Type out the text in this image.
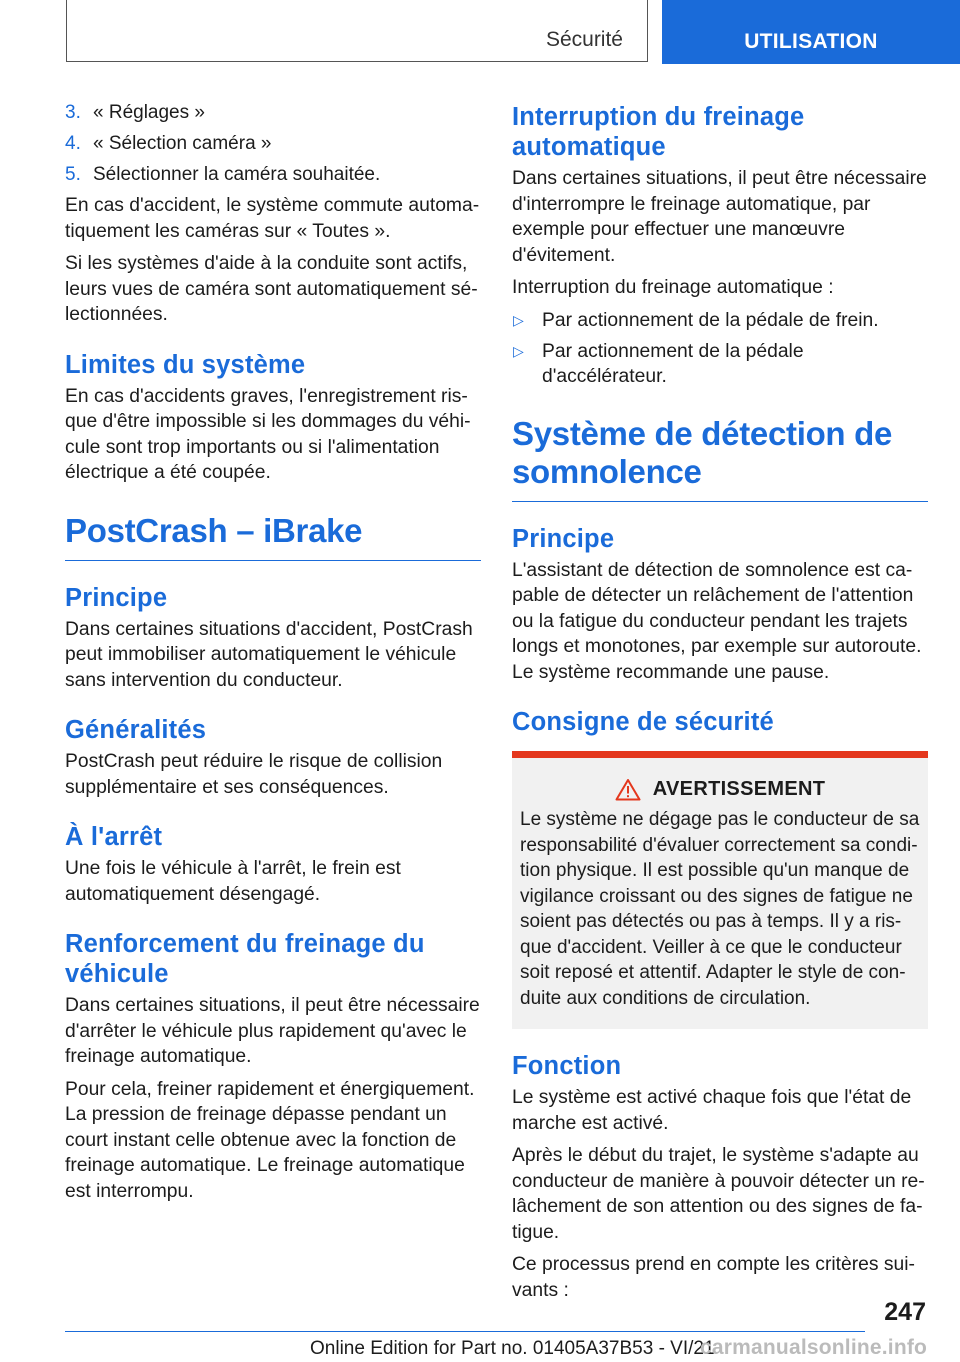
Sécurité	UTILISATION
3. « Réglages »
4. « Sélection caméra »
5. Sélectionner la caméra souhaitée.

En cas d'accident, le système commute automatiquement les caméras sur « Toutes ».

Si les systèmes d'aide à la conduite sont actifs, leurs vues de caméra sont automatiquement sélectionnées.

Limites du système

En cas d'accidents graves, l'enregistrement risque d'être impossible si les dommages du véhicule sont trop importants ou si l'alimentation électrique a été coupée.

PostCrash – iBrake
Principe

Dans certaines situations d'accident, PostCrash peut immobiliser automatiquement le véhicule sans intervention du conducteur.

Généralités

PostCrash peut réduire le risque de collision supplémentaire et ses conséquences.

À l'arrêt

Une fois le véhicule à l'arrêt, le frein est automatiquement désengagé.

Renforcement du freinage du véhicule

Dans certaines situations, il peut être nécessaire d'arrêter le véhicule plus rapidement qu'avec le freinage automatique.

Pour cela, freiner rapidement et énergiquement. La pression de freinage dépasse pendant un court instant celle obtenue avec la fonction de freinage automatique. Le freinage automatique est interrompu.

Interruption du freinage automatique

Dans certaines situations, il peut être nécessaire d'interrompre le freinage automatique, par exemple pour effectuer une manœuvre d'évitement.

Interruption du freinage automatique :

▷ Par actionnement de la pédale de frein.
▷ Par actionnement de la pédale d'accélérateur.
Système de détection de somnolence
Principe

L'assistant de détection de somnolence est capable de détecter un relâchement de l'attention ou la fatigue du conducteur pendant les trajets longs et monotones, par exemple sur autoroute. Le système recommande une pause.

Consigne de sécurité
AVERTISSEMENT

Le système ne dégage pas le conducteur de sa responsabilité d'évaluer correctement sa condition physique. Il est possible qu'un manque de vigilance croissant ou des signes de fatigue ne soient pas détectés ou pas à temps. Il y a risque d'accident. Veiller à ce que le conducteur soit reposé et attentif. Adapter le style de conduite aux conditions de circulation.

Fonction

Le système est activé chaque fois que l'état de marche est activé.

Après le début du trajet, le système s'adapte au conducteur de manière à pouvoir détecter un relâchement de son attention ou des signes de fatigue.

Ce processus prend en compte les critères suivants :

247
Online Edition for Part no. 01405A37B53 - VI/21
carmanualsonline.info
